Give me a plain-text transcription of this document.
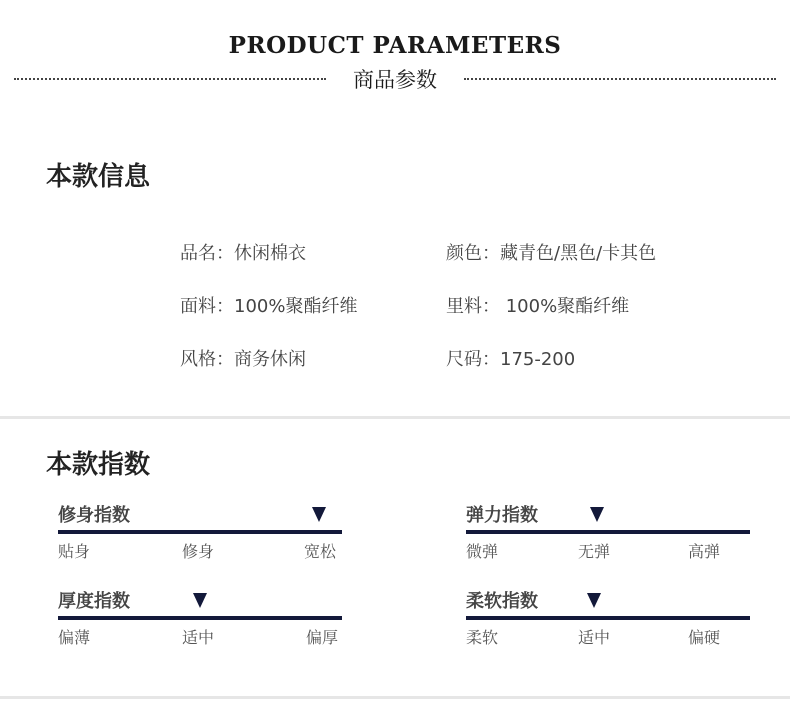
PRODUCT PARAMETERS
商品参数
本款信息
品名：休闲棉衣	颜色：藏青色/黑色/卡其色
面料：100%聚酯纤维	里料： 100%聚酯纤维
风格：商务休闲	尺码：175-200
本款指数
修身指数
贴身	修身	宽松
弹力指数
微弹	无弹	高弹
厚度指数
偏薄	适中	偏厚
柔软指数
柔软	适中	偏硬
